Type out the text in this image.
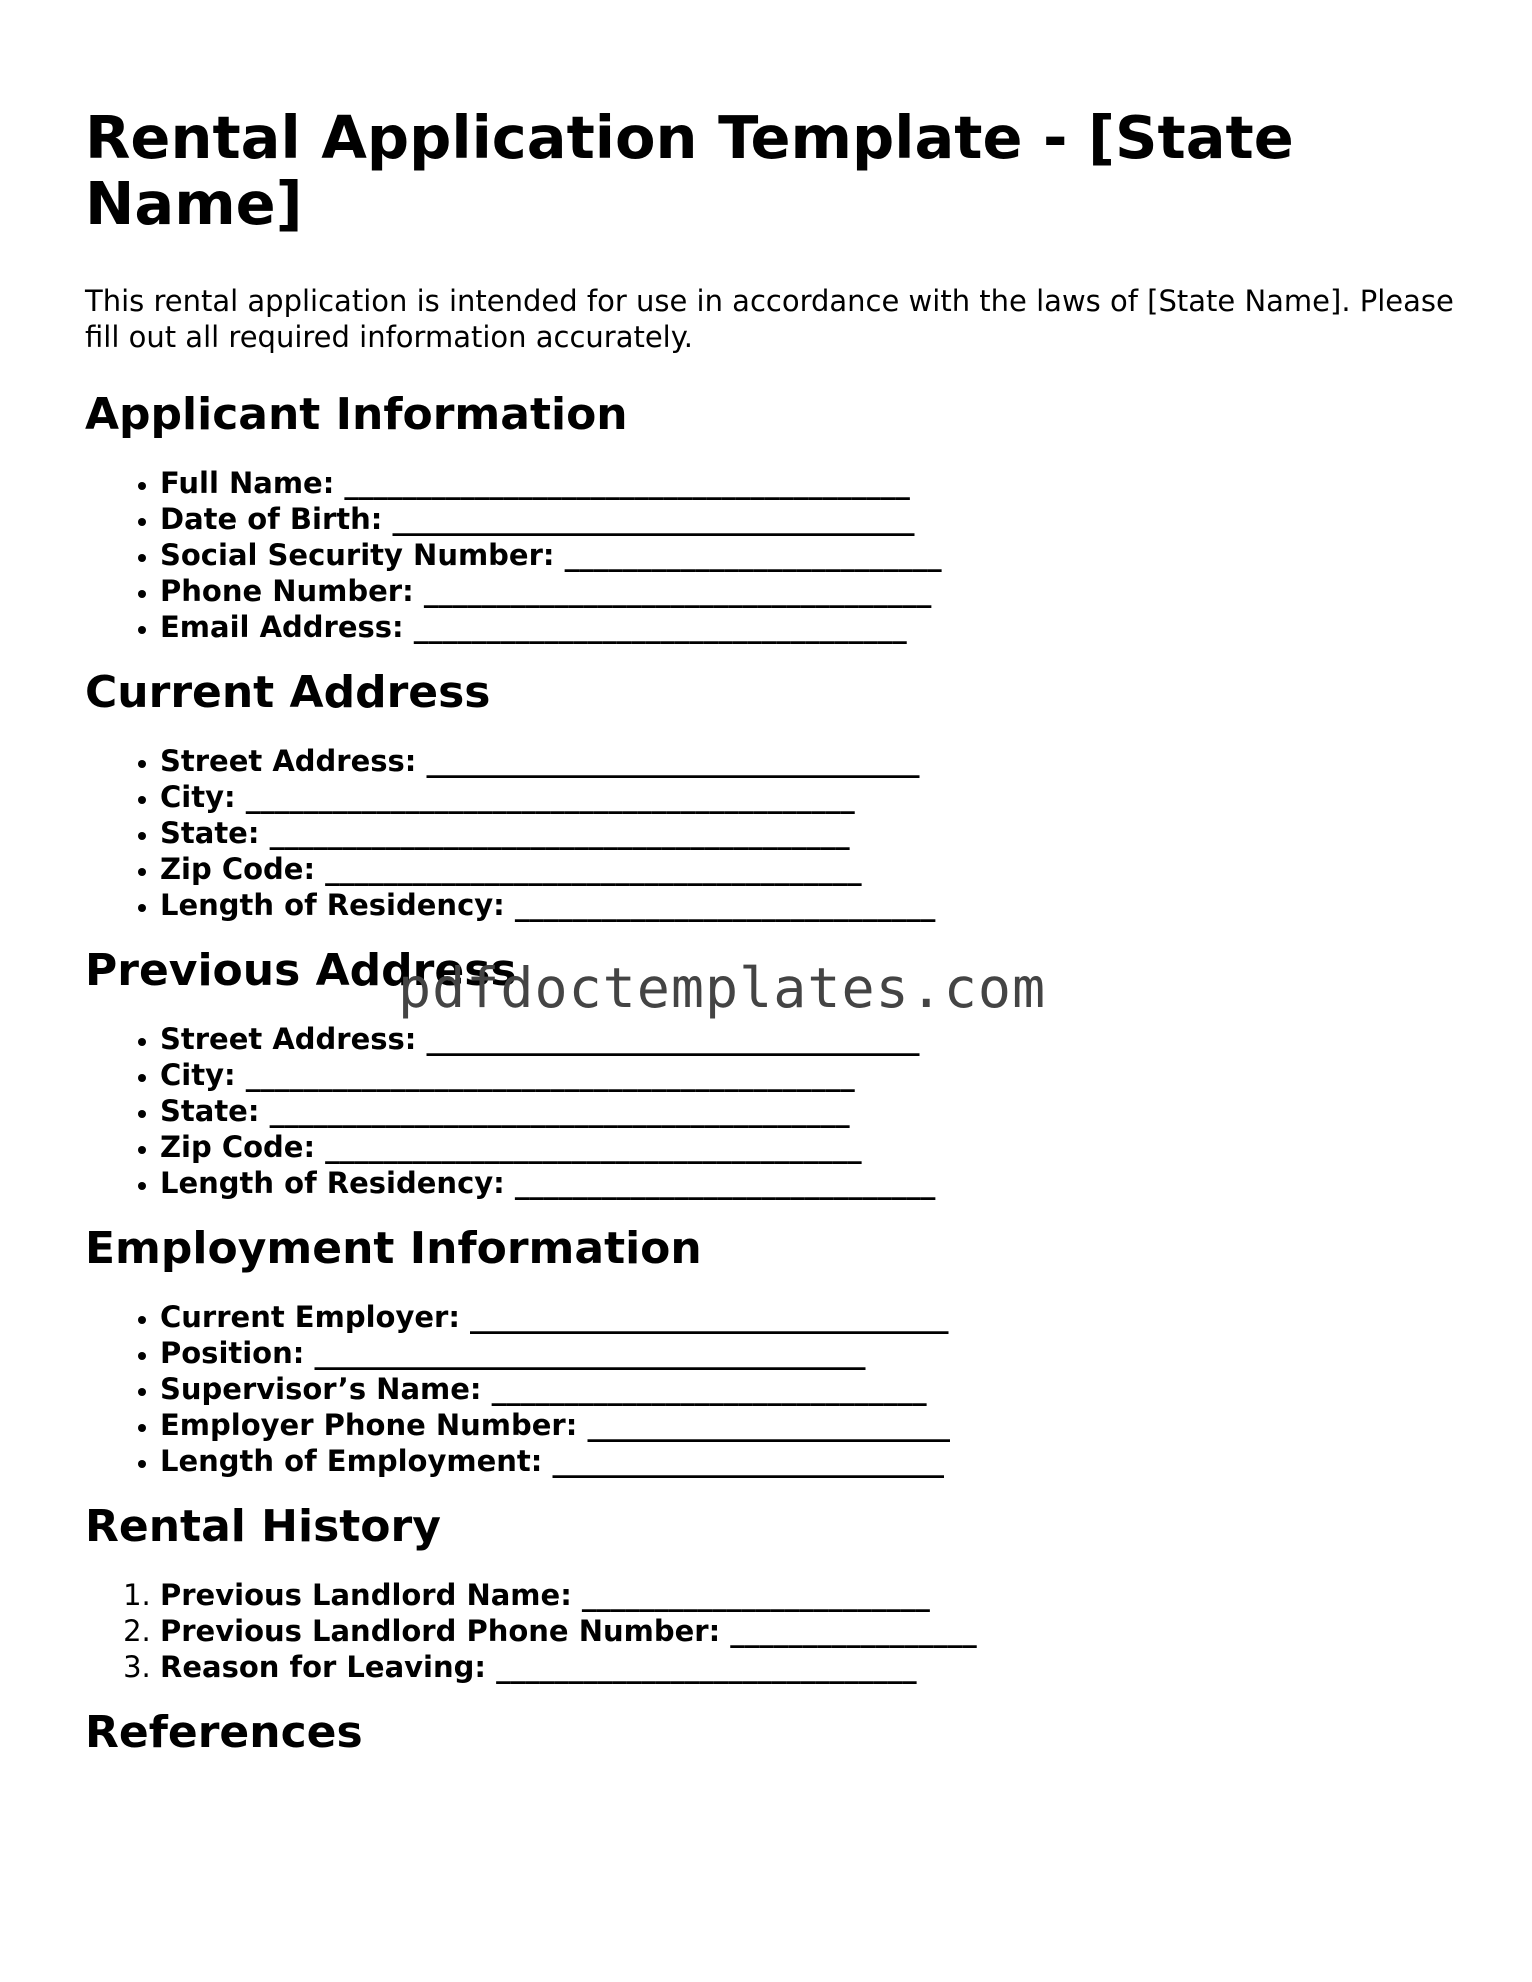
Rental Application Template - [State Name]

This rental application is intended for use in accordance with the laws of [State Name]. Please fill out all required information accurately.

Applicant Information
• Full Name: _______________________________________
• Date of Birth: ____________________________________
• Social Security Number: __________________________
• Phone Number: ___________________________________
• Email Address: __________________________________
Current Address
• Street Address: __________________________________
• City: __________________________________________
• State: ________________________________________
• Zip Code: _____________________________________
• Length of Residency: _____________________________
Previous Address
• Street Address: __________________________________
• City: __________________________________________
• State: ________________________________________
• Zip Code: _____________________________________
• Length of Residency: _____________________________
Employment Information
• Current Employer: _________________________________
• Position: ______________________________________
• Supervisor’s Name: ______________________________
• Employer Phone Number: _________________________
• Length of Employment: ___________________________
Rental History
1. Previous Landlord Name: ________________________
2. Previous Landlord Phone Number: _________________
3. Reason for Leaving: _____________________________
References
pdfdoctemplates.com
